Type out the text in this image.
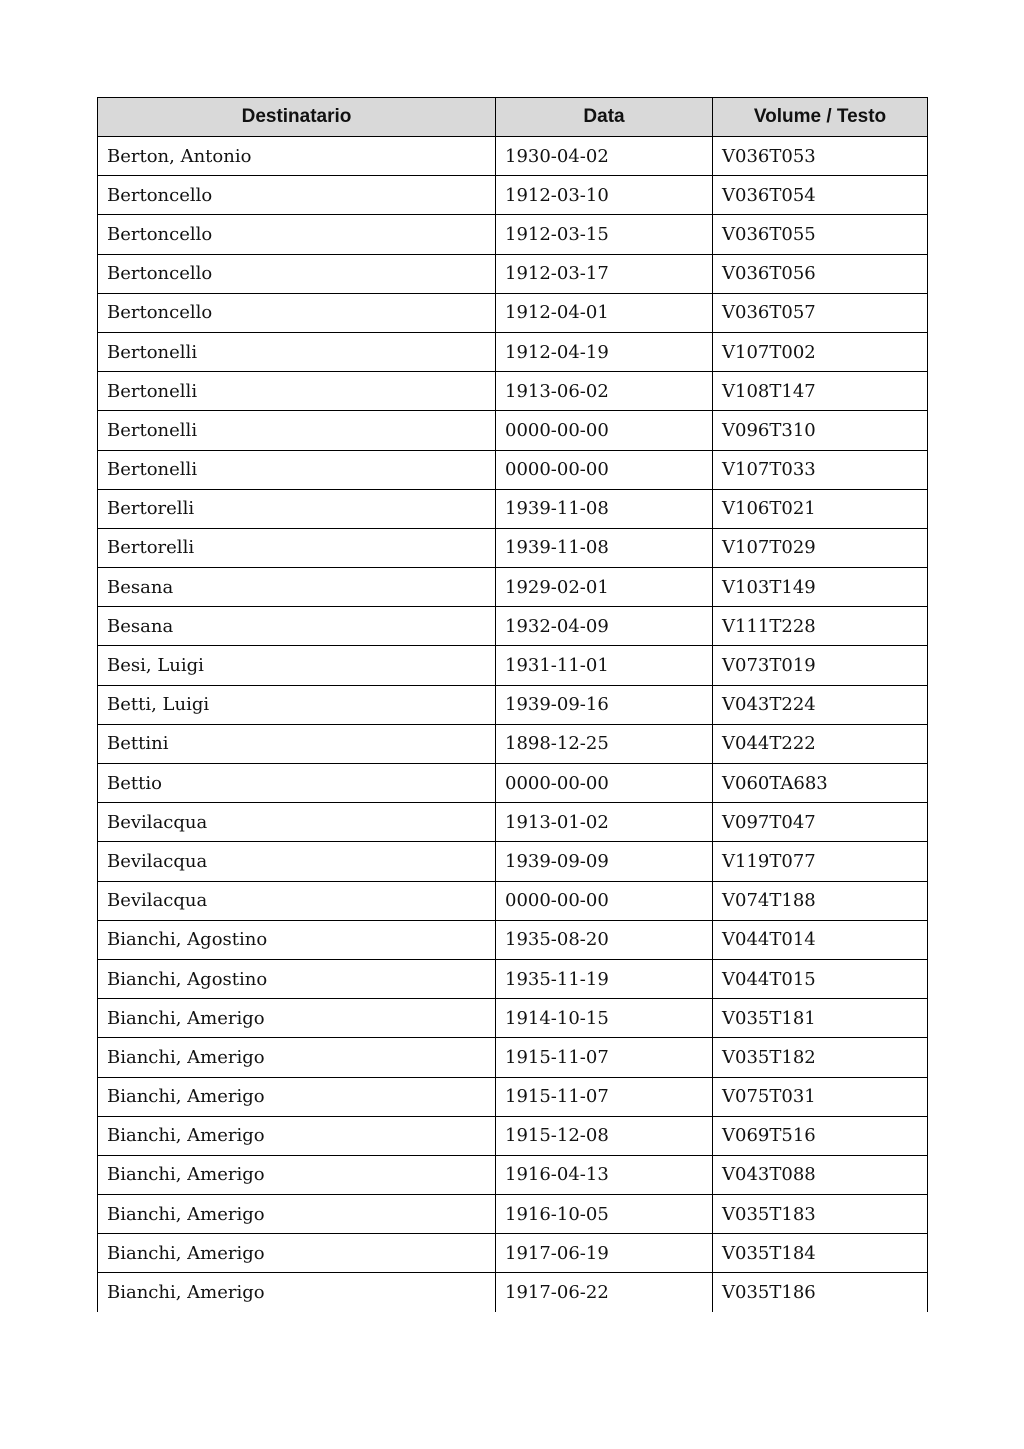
Destinatario	Data	Volume / Testo
Berton, Antonio	1930-04-02	V036T053
Bertoncello	1912-03-10	V036T054
Bertoncello	1912-03-15	V036T055
Bertoncello	1912-03-17	V036T056
Bertoncello	1912-04-01	V036T057
Bertonelli	1912-04-19	V107T002
Bertonelli	1913-06-02	V108T147
Bertonelli	0000-00-00	V096T310
Bertonelli	0000-00-00	V107T033
Bertorelli	1939-11-08	V106T021
Bertorelli	1939-11-08	V107T029
Besana	1929-02-01	V103T149
Besana	1932-04-09	V111T228
Besi, Luigi	1931-11-01	V073T019
Betti, Luigi	1939-09-16	V043T224
Bettini	1898-12-25	V044T222
Bettio	0000-00-00	V060TA683
Bevilacqua	1913-01-02	V097T047
Bevilacqua	1939-09-09	V119T077
Bevilacqua	0000-00-00	V074T188
Bianchi, Agostino	1935-08-20	V044T014
Bianchi, Agostino	1935-11-19	V044T015
Bianchi, Amerigo	1914-10-15	V035T181
Bianchi, Amerigo	1915-11-07	V035T182
Bianchi, Amerigo	1915-11-07	V075T031
Bianchi, Amerigo	1915-12-08	V069T516
Bianchi, Amerigo	1916-04-13	V043T088
Bianchi, Amerigo	1916-10-05	V035T183
Bianchi, Amerigo	1917-06-19	V035T184
Bianchi, Amerigo	1917-06-22	V035T186
